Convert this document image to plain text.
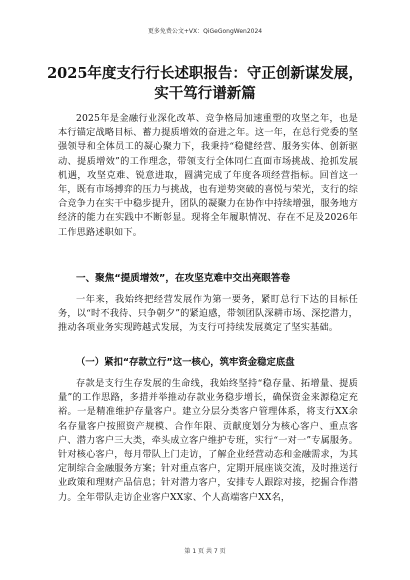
更多免费公文+VX：QiGeGongWen2024
2025年度支行行长述职报告：守正创新谋发展，
实干笃行谱新篇

2025年是金融行业深化改革、竞争格局加速重塑的攻坚之年，也是本行锚定战略目标、蓄力提质增效的奋进之年。这一年，在总行党委的坚强领导和全体员工的凝心聚力下，我秉持“稳健经营、服务实体、创新驱动、提质增效”的工作理念，带领支行全体同仁直面市场挑战、抢抓发展机遇，攻坚克难、锐意进取，圆满完成了年度各项经营指标。回首这一年，既有市场搏弈的压力与挑战，也有逆势突破的喜悦与荣光，支行的综合竞争力在实干中稳步提升，团队的凝聚力在协作中持续增强，服务地方经济的能力在实践中不断彰显。现将全年履职情况、存在不足及2026年工作思路述职如下。

一、聚焦“提质增效”，在攻坚克难中交出亮眼答卷

一年来，我始终把经营发展作为第一要务，紧盯总行下达的目标任务，以“时不我待、只争朝夕”的紧迫感，带领团队深耕市场、深挖潜力，推动各项业务实现跨越式发展，为支行可持续发展奠定了坚实基础。

（一）紧扣“存款立行”这一核心，筑牢资金稳定底盘

存款是支行生存发展的生命线，我始终坚持“稳存量、拓增量、提质量”的工作思路，多措并举推动存款业务稳步增长，确保资金来源稳定充裕。一是精准维护存量客户。建立分层分类客户管理体系，将支行XX余名存量客户按照资产规模、合作年限、贡献度划分为核心客户、重点客户、潜力客户三大类，牵头成立客户维护专班，实行“一对一”专属服务。针对核心客户，每月带队上门走访，了解企业经营动态和金融需求，为其定制综合金融服务方案；针对重点客户，定期开展座谈交流，及时推送行业政策和理财产品信息；针对潜力客户，安排专人跟踪对接，挖掘合作潜力。全年带队走访企业客户XX家、个人高端客户XX名，

第 1 页 共 7 页
